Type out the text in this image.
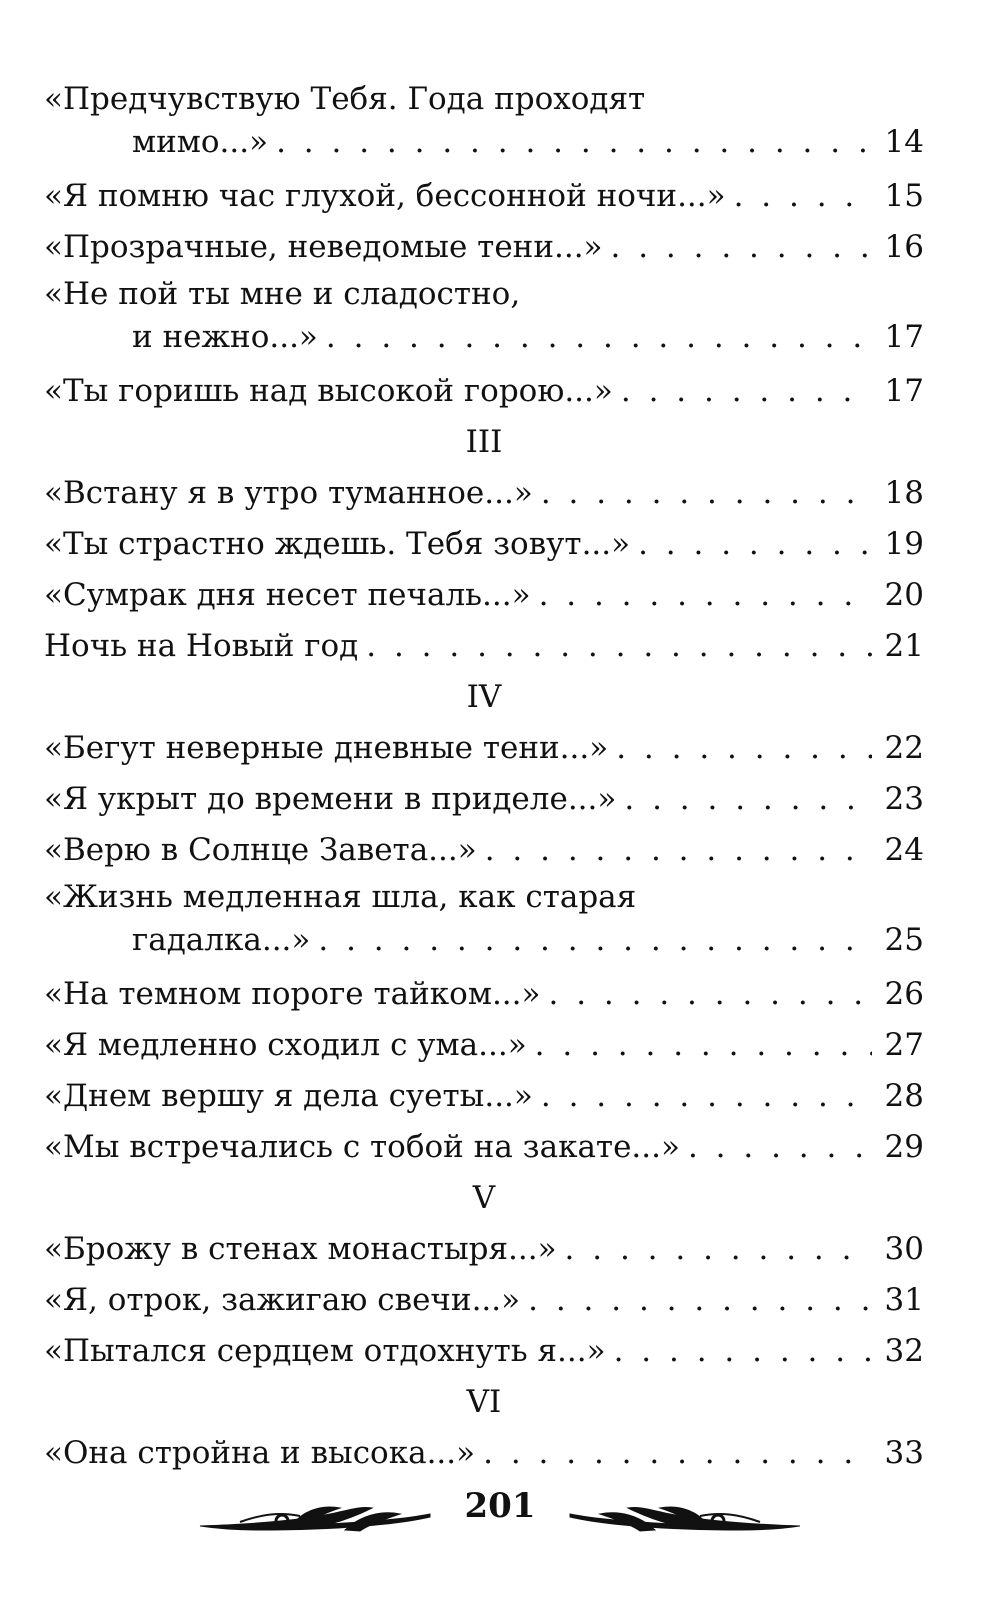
«Предчувствую Тебя. Года проходят
мимо...» . . .	14
«Я помню час глухой, бессонной ночи...» . . .	15
«Прозрачные, неведомые тени...» . . .	16
«Не пой ты мне и сладостно,
и нежно...» . . .	17
«Ты горишь над высокой горою...» . . .	17
III
«Встану я в утро туманное...» . . .	18
«Ты страстно ждешь. Тебя зовут...» . . .	19
«Сумрак дня несет печаль...» . . .	20
Ночь на Новый год . . .	21
IV
«Бегут неверные дневные тени...» . . .	22
«Я укрыт до времени в приделе...» . . .	23
«Верю в Солнце Завета...» . . .	24
«Жизнь медленная шла, как старая
гадалка...» . . .	25
«На темном пороге тайком...» . . .	26
«Я медленно сходил с ума...» . . .	27
«Днем вершу я дела суеты...» . . .	28
«Мы встречались с тобой на закате...» . . .	29
V
«Брожу в стенах монастыря...» . . .	30
«Я, отрок, зажигаю свечи...» . . .	31
«Пытался сердцем отдохнуть я...» . . .	32
VI
«Она стройна и высока...» . . .	33
201
